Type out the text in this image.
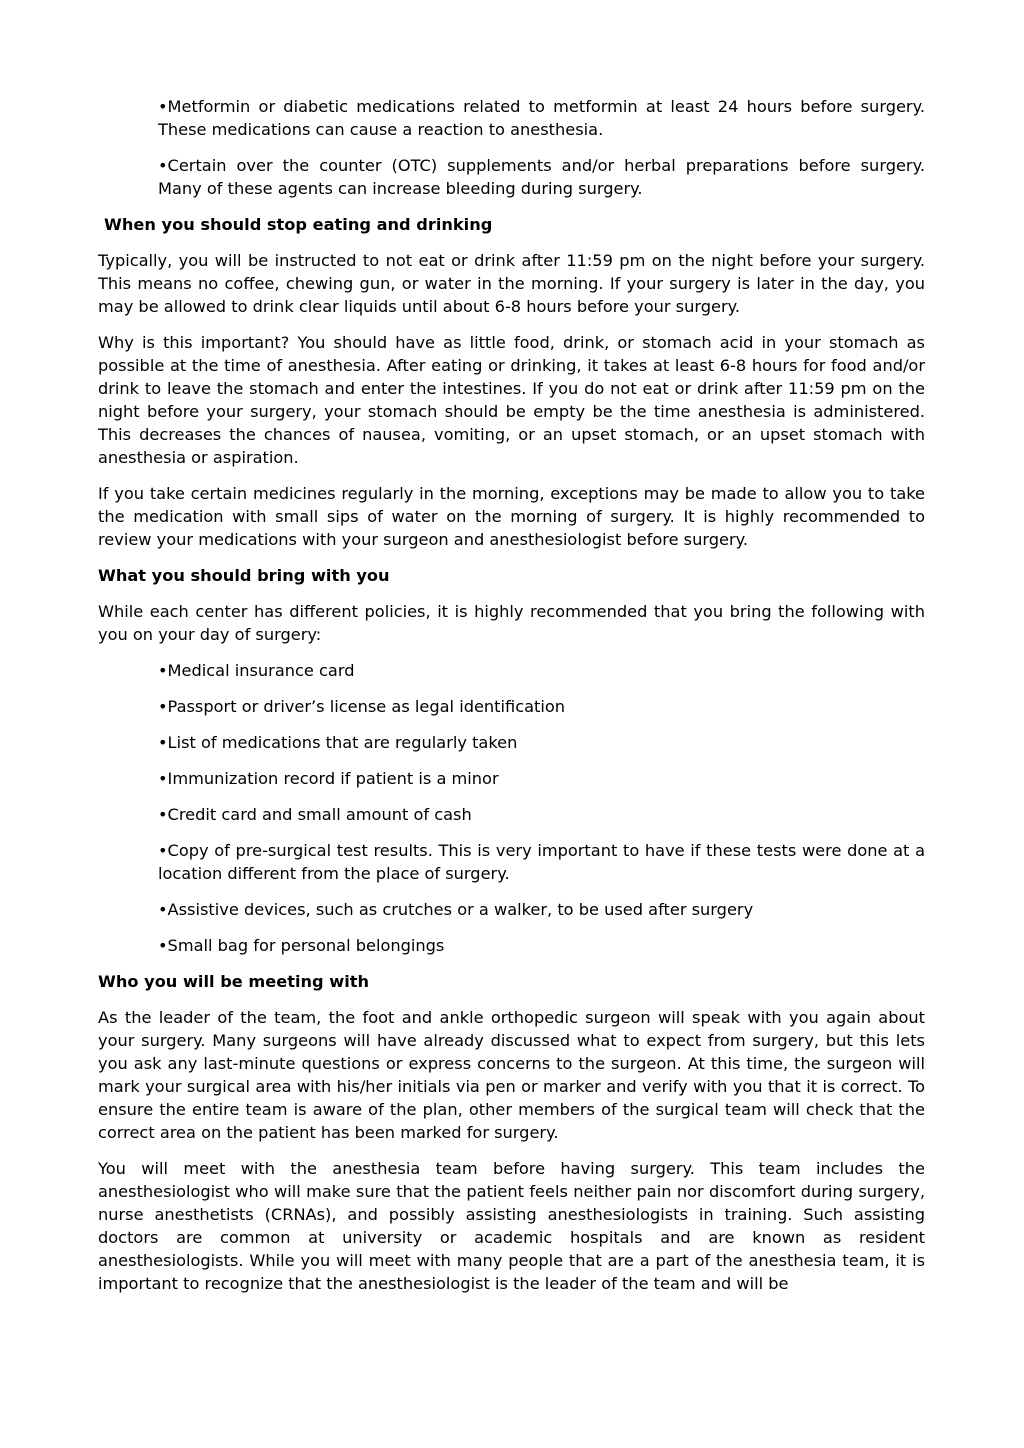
•Metformin or diabetic medications related to metformin at least 24 hours before surgery. These medications can cause a reaction to anesthesia.

•Certain over the counter (OTC) supplements and/or herbal preparations before surgery. Many of these agents can increase bleeding during surgery.

When you should stop eating and drinking

Typically, you will be instructed to not eat or drink after 11:59 pm on the night before your surgery. This means no coffee, chewing gun, or water in the morning. If your surgery is later in the day, you may be allowed to drink clear liquids until about 6-8 hours before your surgery.

Why is this important? You should have as little food, drink, or stomach acid in your stomach as possible at the time of anesthesia. After eating or drinking, it takes at least 6-8 hours for food and/or drink to leave the stomach and enter the intestines. If you do not eat or drink after 11:59 pm on the night before your surgery, your stomach should be empty be the time anesthesia is administered. This decreases the chances of nausea, vomiting, or an upset stomach, or an upset stomach with anesthesia or aspiration.

If you take certain medicines regularly in the morning, exceptions may be made to allow you to take the medication with small sips of water on the morning of surgery. It is highly recommended to review your medications with your surgeon and anesthesiologist before surgery.

What you should bring with you

While each center has different policies, it is highly recommended that you bring the following with you on your day of surgery:

•Medical insurance card

•Passport or driver’s license as legal identification

•List of medications that are regularly taken

•Immunization record if patient is a minor

•Credit card and small amount of cash

•Copy of pre-surgical test results. This is very important to have if these tests were done at a location different from the place of surgery.

•Assistive devices, such as crutches or a walker, to be used after surgery

•Small bag for personal belongings

Who you will be meeting with

As the leader of the team, the foot and ankle orthopedic surgeon will speak with you again about your surgery. Many surgeons will have already discussed what to expect from surgery, but this lets you ask any last-minute questions or express concerns to the surgeon. At this time, the surgeon will mark your surgical area with his/her initials via pen or marker and verify with you that it is correct. To ensure the entire team is aware of the plan, other members of the surgical team will check that the correct area on the patient has been marked for surgery.

You will meet with the anesthesia team before having surgery. This team includes the anesthesiologist who will make sure that the patient feels neither pain nor discomfort during surgery, nurse anesthetists (CRNAs), and possibly assisting anesthesiologists in training. Such assisting doctors are common at university or academic hospitals and are known as resident anesthesiologists. While you will meet with many people that are a part of the anesthesia team, it is important to recognize that the anesthesiologist is the leader of the team and will be
